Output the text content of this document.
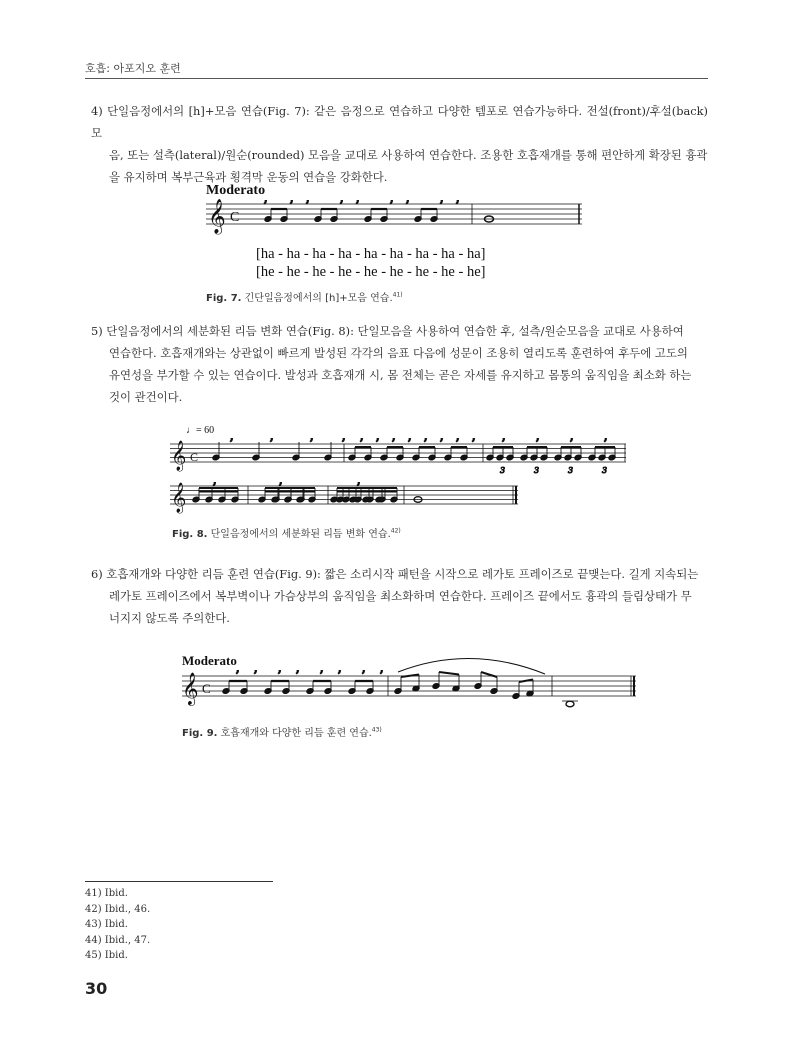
호흡: 아포지오 훈련
4) 단일음정에서의 [h]+모음 연습(Fig. 7): 같은 음정으로 연습하고 다양한 템포로 연습가능하다. 전설(front)/후설(back) 모
음, 또는 설측(lateral)/원순(rounded) 모음을 교대로 사용하여 연습한다. 조용한 호흡재개를 통해 편안하게 확장된 흉곽
을 유지하며 복부근육과 횡격막 운동의 연습을 강화한다.
Moderato
𝄞 C
, ,	, ,	, ,	, ,
,
[ha - ha - ha - ha - ha - ha - ha - ha - ha]
[he - he - he - he - he - he - he - he - he]
Fig. 7. 긴단일음정에서의 [h]+모음 연습.$^{41)}$
5) 단일음정에서의 세분화된 리듬 변화 연습(Fig. 8): 단일모음을 사용하여 연습한 후, 설측/원순모음을 교대로 사용하여
연습한다. 호흡재개와는 상관없이 빠르게 발성된 각각의 음표 다음에 성문이 조용히 열리도록 훈련하여 후두에 고도의
유연성을 부가할 수 있는 연습이다. 발성과 호흡재개 시, 몸 전체는 곧은 자세를 유지하고 몸통의 움직임을 최소화 하는
것이 관건이다.
♩= 60
𝄞
𝄞
C
,	,	,	, , , , , , , , ,
3
,
3
,
3
,
3
,
,	,	,
Fig. 8. 단일음정에서의 세분화된 리듬 변화 연습.$^{42)}$
6) 호흡재개와 다양한 리듬 훈련 연습(Fig. 9): 짧은 소리시작 패턴을 시작으로 레가토 프레이즈로 끝맺는다. 길게 지속되는
레가토 프레이즈에서 복부벽이나 가슴상부의 움직임을 최소화하며 연습한다. 프레이즈 끝에서도 흉곽의 들림상태가 무
너지지 않도록 주의한다.
Moderato
𝄞 C
, , , , , , , ,
Fig. 9. 호흡재개와 다양한 리듬 훈련 연습.$^{43)}$
41) Ibid.
42) Ibid., 46.
43) Ibid.
44) Ibid., 47.
45) Ibid.
30
